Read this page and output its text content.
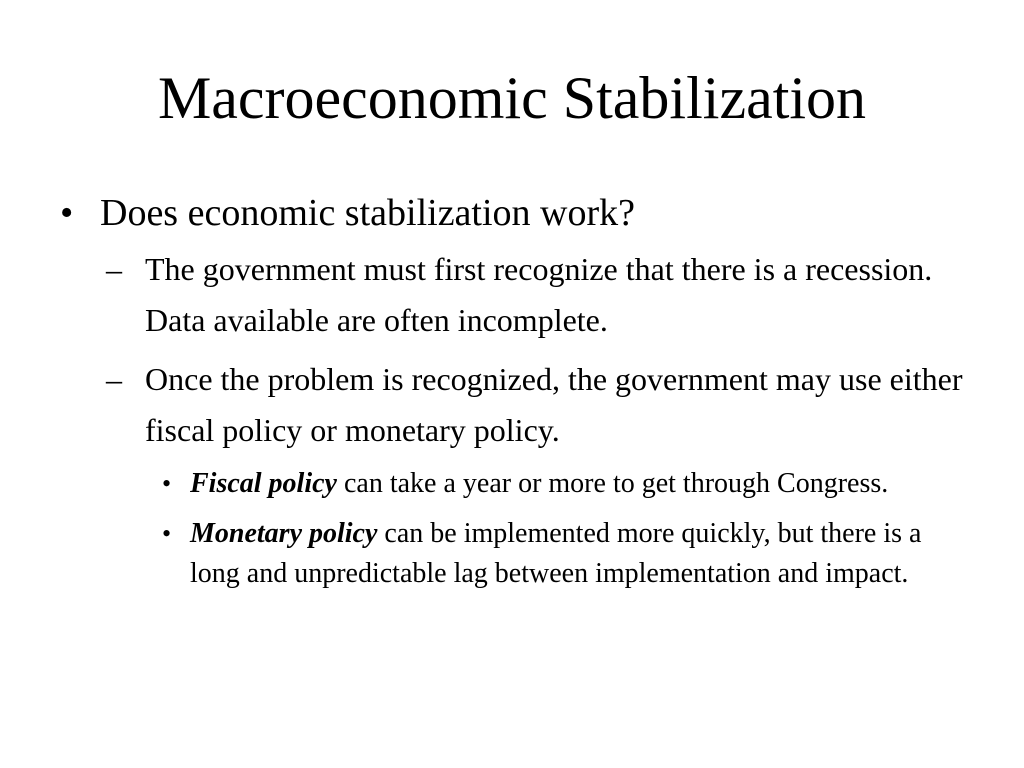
Macroeconomic Stabilization
• Does economic stabilization work?
– The government must first recognize that there is a recession. Data available are often incomplete.
– Once the problem is recognized, the government may use either fiscal policy or monetary policy.
• Fiscal policy can take a year or more to get through Congress.
• Monetary policy can be implemented more quickly, but there is a long and unpredictable lag between implementation and impact.
